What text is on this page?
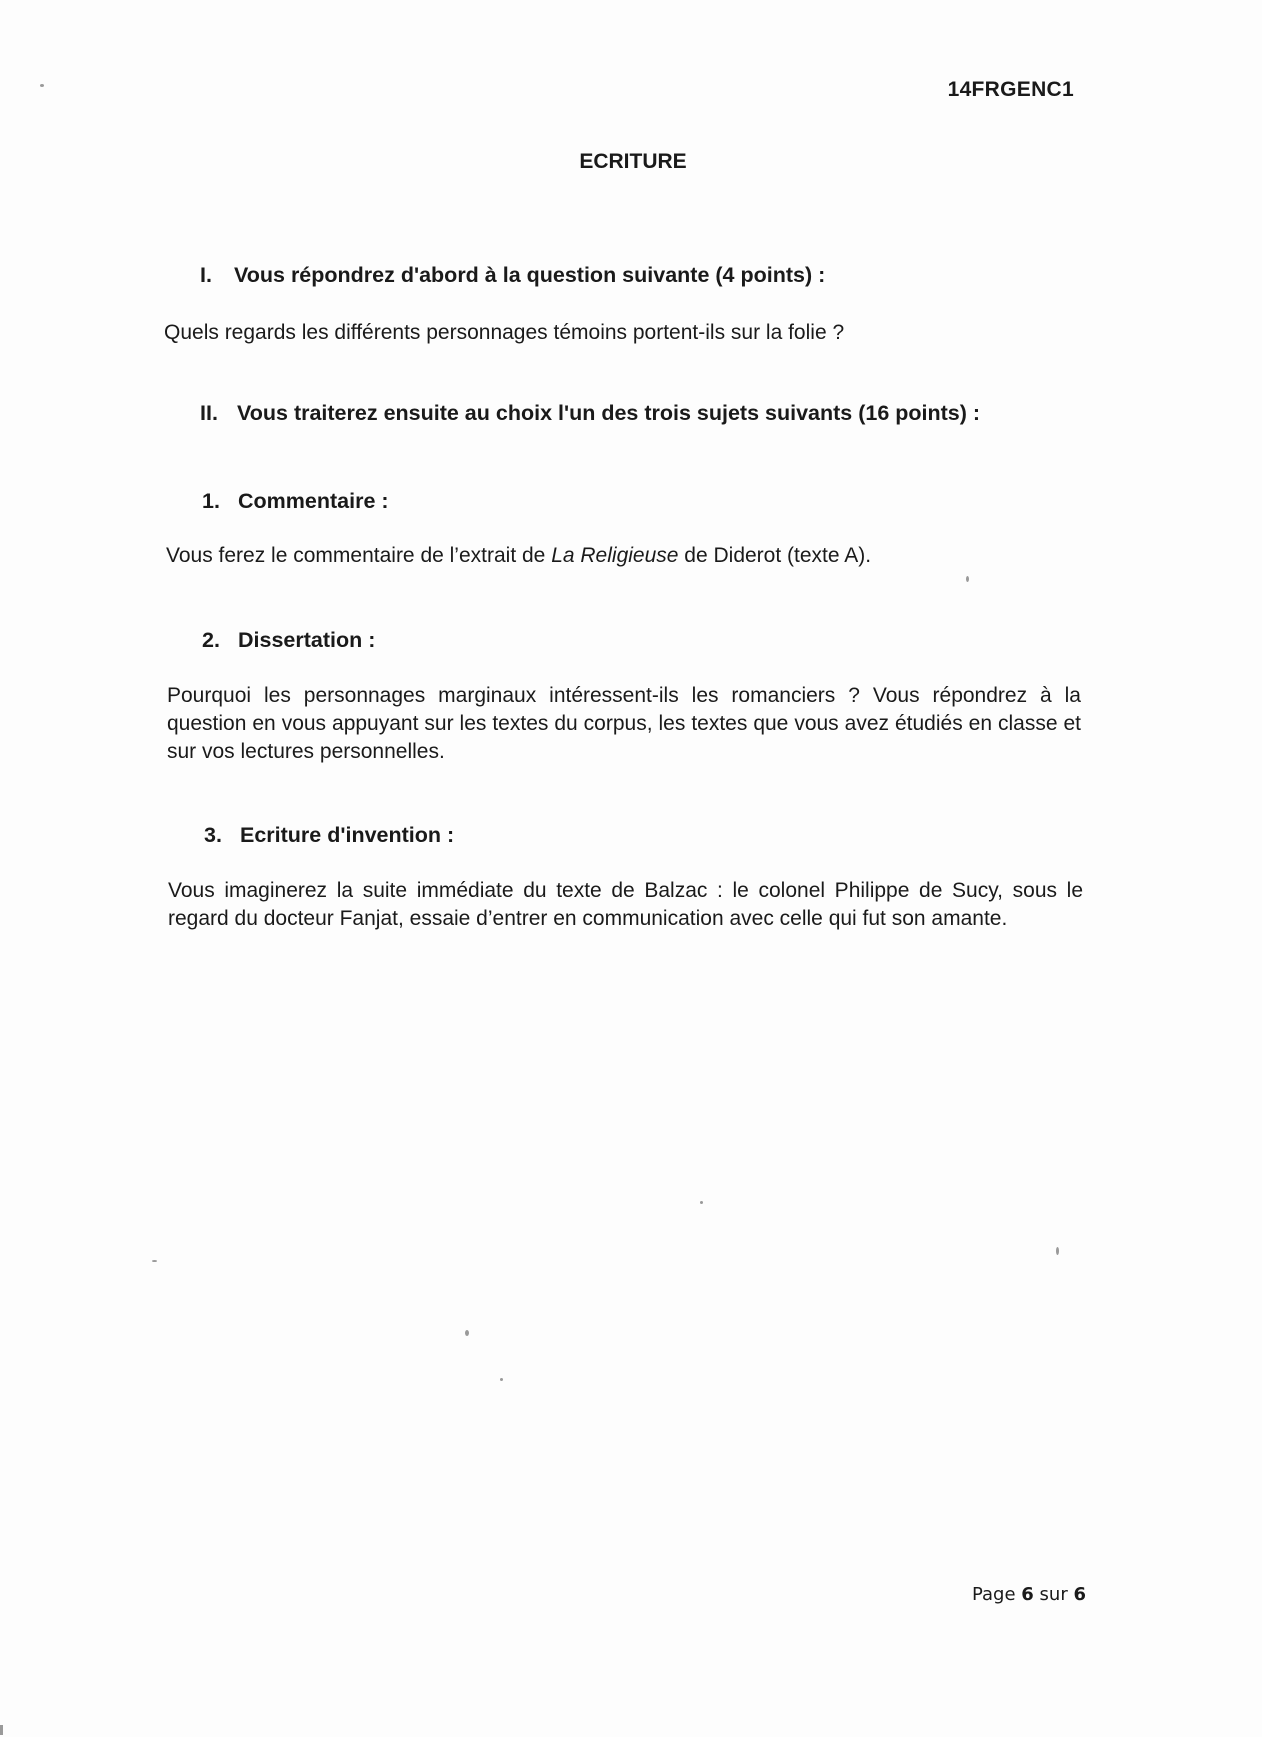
14FRGENC1
ECRITURE
I. Vous répondrez d'abord à la question suivante (4 points) :
Quels regards les différents personnages témoins portent-ils sur la folie ?
II. Vous traiterez ensuite au choix l'un des trois sujets suivants (16 points) :
1. Commentaire :
Vous ferez le commentaire de l’extrait de La Religieuse de Diderot (texte A).
2. Dissertation :
Pourquoi les personnages marginaux intéressent-ils les romanciers ? Vous répondrez à la question en vous appuyant sur les textes du corpus, les textes que vous avez étudiés en classe et sur vos lectures personnelles.
3. Ecriture d'invention :
Vous imaginerez la suite immédiate du texte de Balzac : le colonel Philippe de Sucy, sous le regard du docteur Fanjat, essaie d’entrer en communication avec celle qui fut son amante.
Page 6 sur 6
